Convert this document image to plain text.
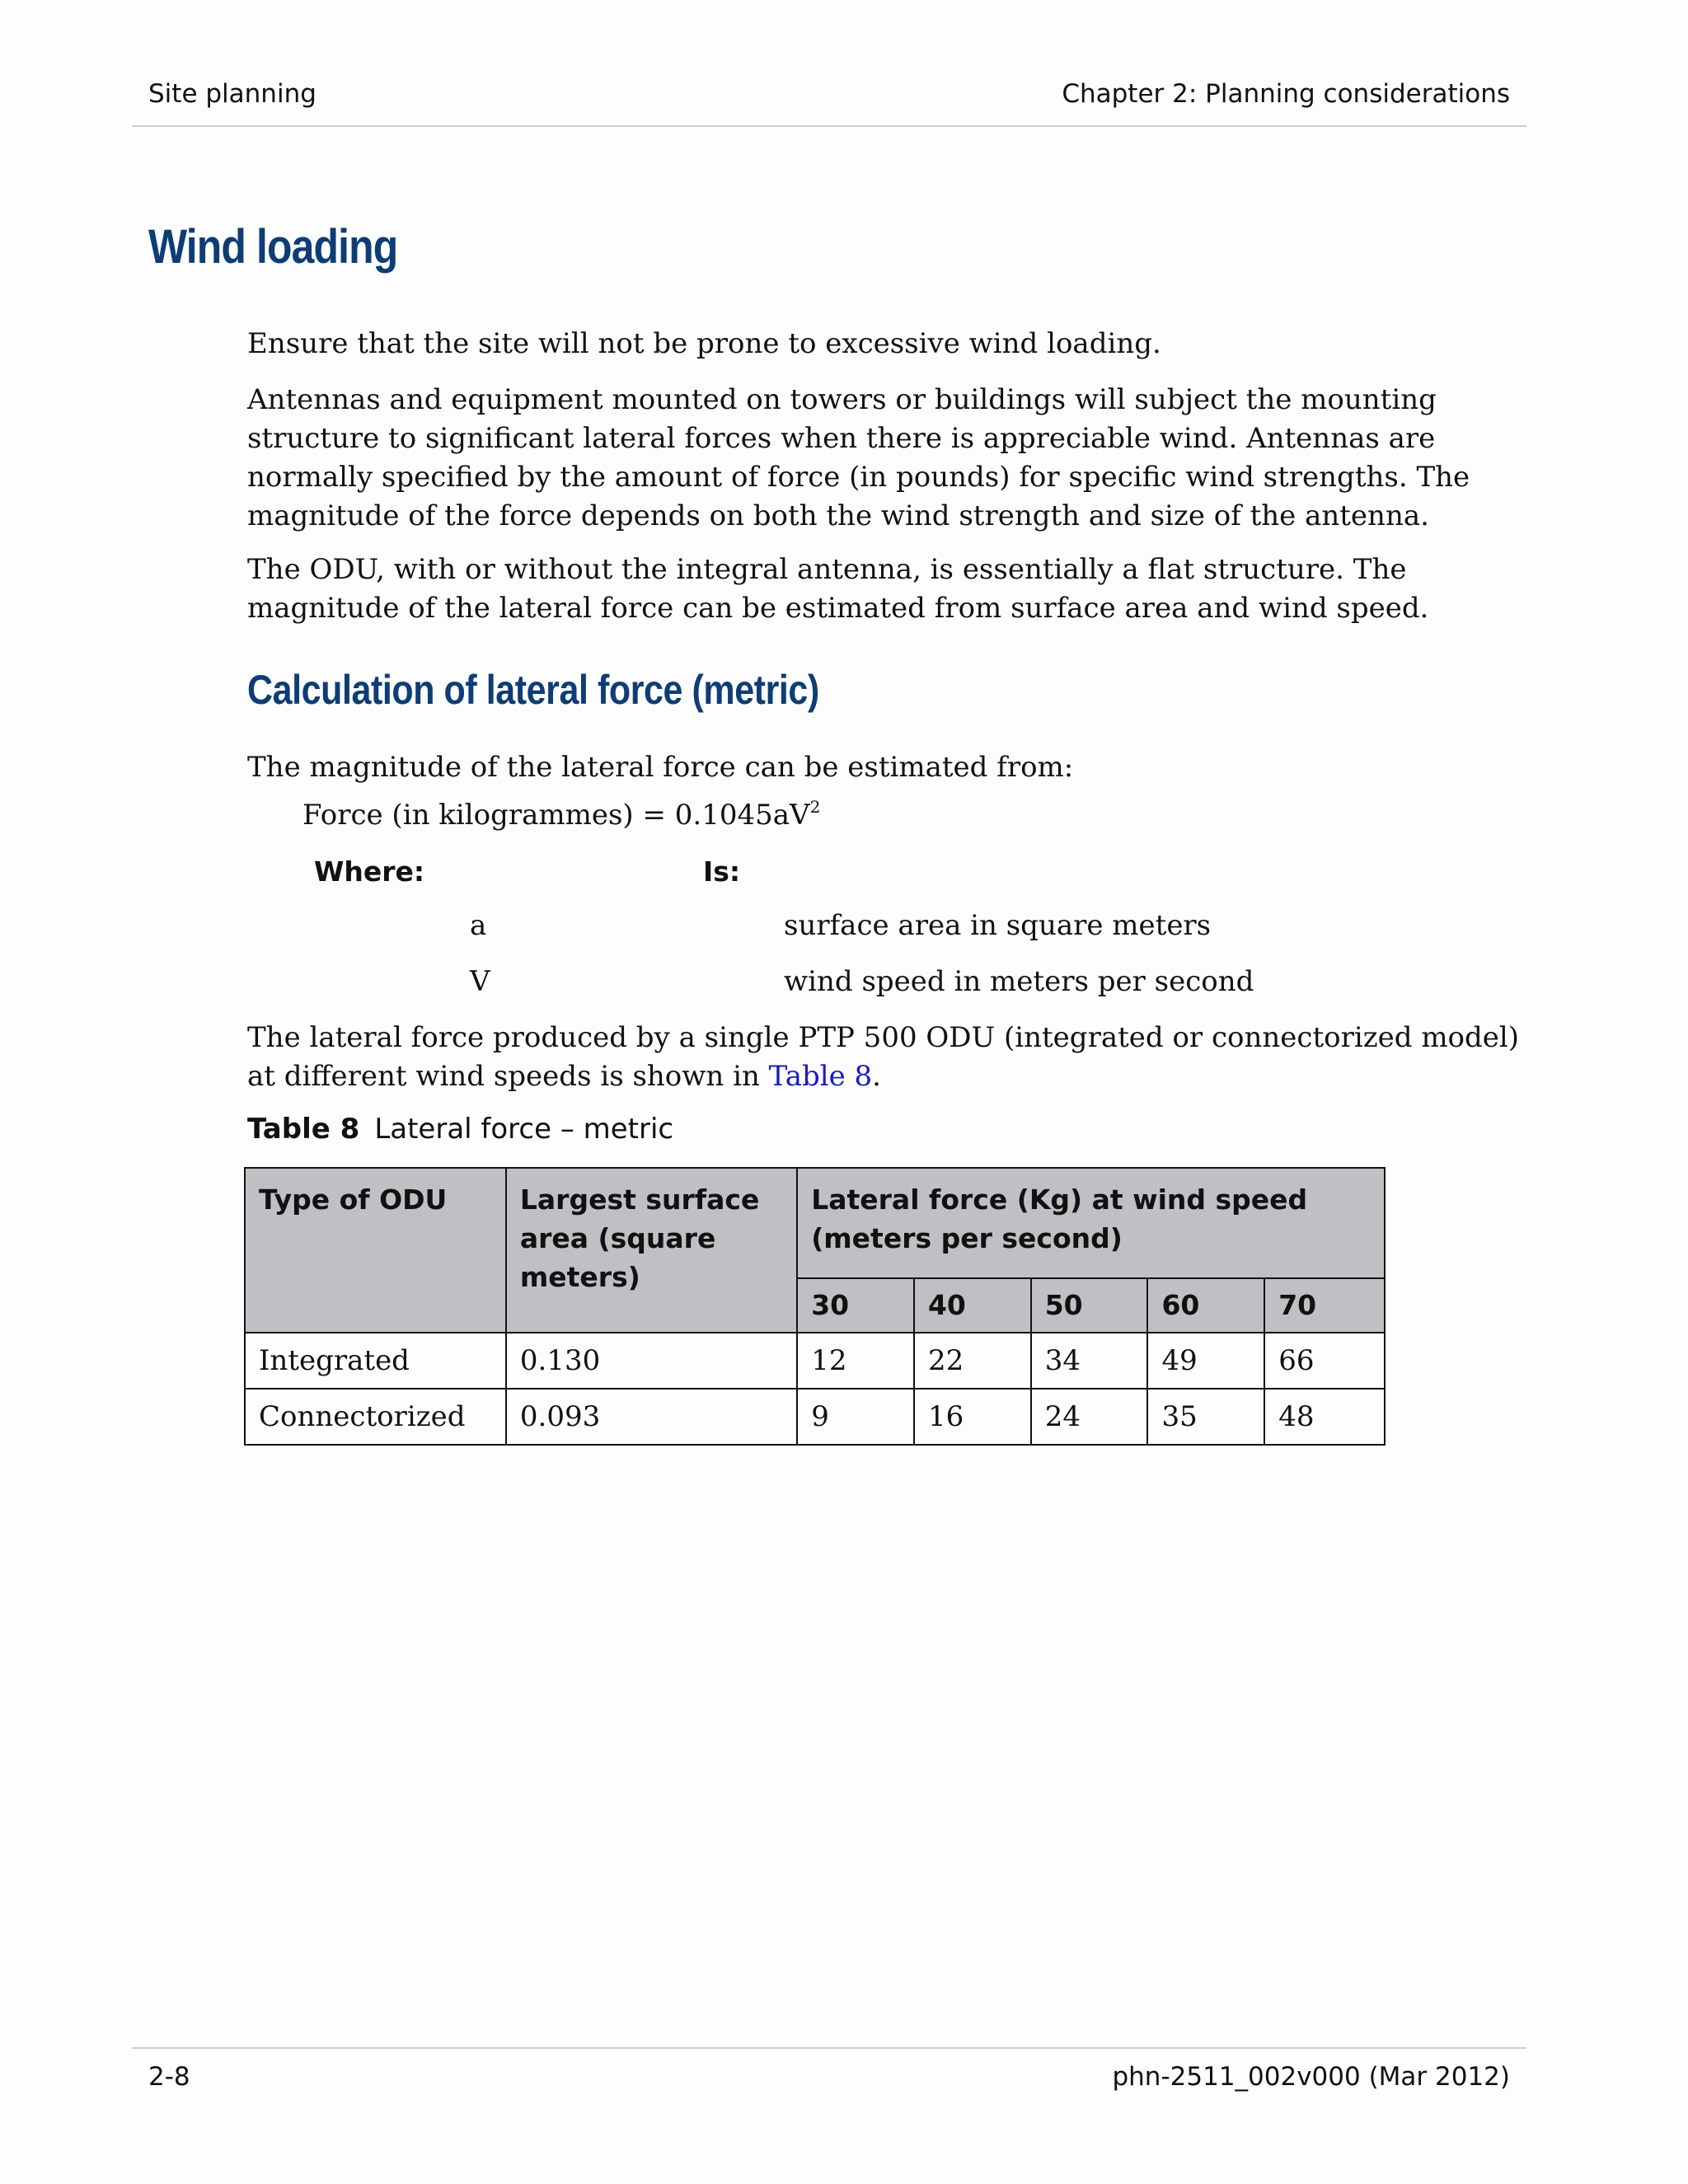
Site planning	Chapter 2: Planning considerations
Wind loading

Ensure that the site will not be prone to excessive wind loading.

Antennas and equipment mounted on towers or buildings will subject the mounting structure to significant lateral forces when there is appreciable wind. Antennas are normally specified by the amount of force (in pounds) for specific wind strengths. The magnitude of the force depends on both the wind strength and size of the antenna.

The ODU, with or without the integral antenna, is essentially a flat structure. The magnitude of the lateral force can be estimated from surface area and wind speed.

Calculation of lateral force (metric)
The magnitude of the lateral force can be estimated from:
Force (in kilogrammes) = $0.1045aV^2$
Where:	Is:
a	surface area in square meters
V	wind speed in meters per second

The lateral force produced by a single PTP 500 ODU (integrated or connectorized model) at different wind speeds is shown in Table 8.

Table 8 Lateral force – metric
Type of ODU	Largest surface area (square meters)	Lateral force (Kg) at wind speed (meters per second)				
		30	40	50	60	70
Integrated	0.130	12	22	34	49	66
Connectorized	0.093	9	16	24	35	48
2-8	phn-2511_002v000 (Mar 2012)
